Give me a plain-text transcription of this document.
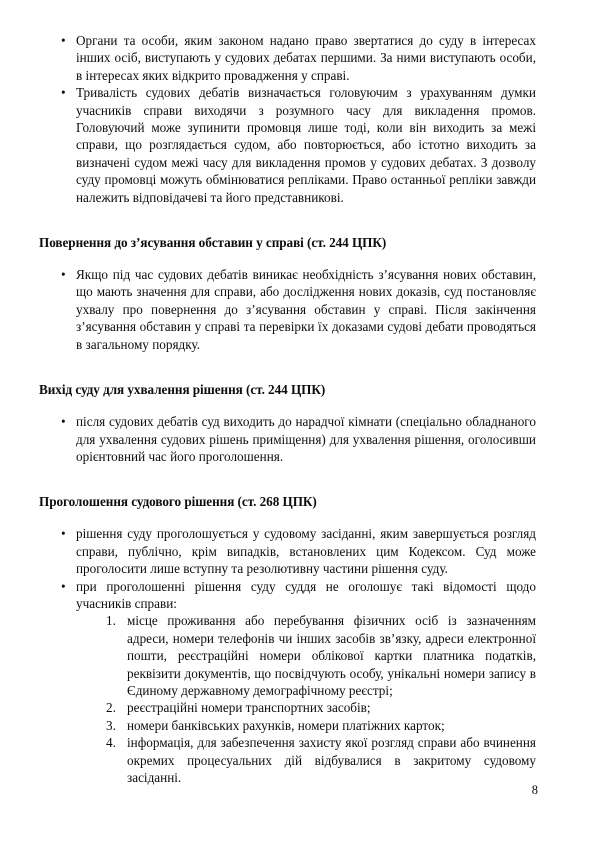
• Органи та особи, яким законом надано право звертатися до суду в інтересах інших осіб, виступають у судових дебатах першими. За ними виступають особи, в інтересах яких відкрито провадження у справі.
• Тривалість судових дебатів визначається головуючим з урахуванням думки учасників справи виходячи з розумного часу для викладення промов. Головуючий може зупинити промовця лише тоді, коли він виходить за межі справи, що розглядається судом, або повторюється, або істотно виходить за визначені судом межі часу для викладення промов у судових дебатах. З дозволу суду промовці можуть обмінюватися репліками. Право останньої репліки завжди належить відповідачеві та його представникові.
Повернення до з’ясування обставин у справі (ст. 244 ЦПК)
• Якщо під час судових дебатів виникає необхідність з’ясування нових обставин, що мають значення для справи, або дослідження нових доказів, суд постановляє ухвалу про повернення до з’ясування обставин у справі. Після закінчення з’ясування обставин у справі та перевірки їх доказами судові дебати проводяться в загальному порядку.
Вихід суду для ухвалення рішення (ст. 244 ЦПК)
• після судових дебатів суд виходить до нарадчої кімнати (спеціально обладнаного для ухвалення судових рішень приміщення) для ухвалення рішення, оголосивши орієнтовний час його проголошення.
Проголошення судового рішення (ст. 268 ЦПК)
• рішення суду проголошується у судовому засіданні, яким завершується розгляд справи, публічно, крім випадків, встановлених цим Кодексом. Суд може проголосити лише вступну та резолютивну частини рішення суду.
• при проголошенні рішення суду суддя не оголошує такі відомості щодо учасників справи:
1. місце проживання або перебування фізичних осіб із зазначенням адреси, номери телефонів чи інших засобів зв’язку, адреси електронної пошти, реєстраційні номери облікової картки платника податків, реквізити документів, що посвідчують особу, унікальні номери запису в Єдиному державному демографічному реєстрі;
2. реєстраційні номери транспортних засобів;
3. номери банківських рахунків, номери платіжних карток;
4. інформація, для забезпечення захисту якої розгляд справи або вчинення окремих процесуальних дій відбувалися в закритому судовому засіданні.
8
